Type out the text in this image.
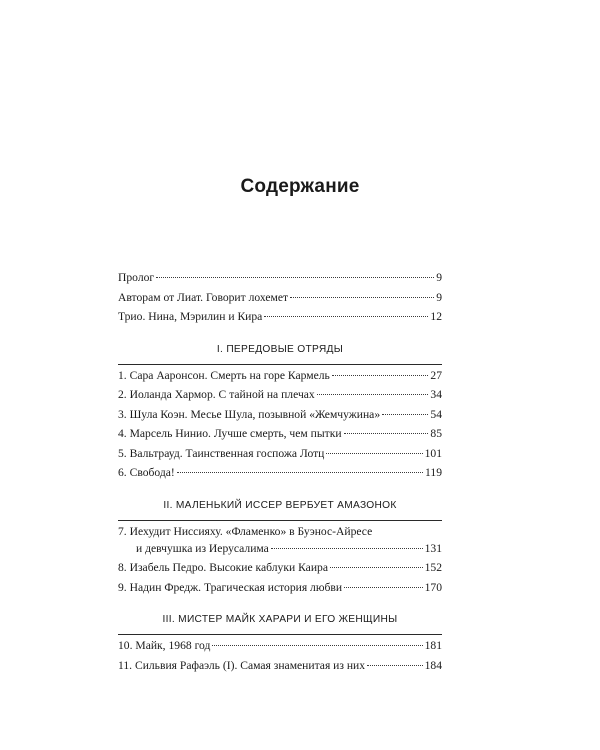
Содержание
Пролог	9
Авторам от Лиат. Говорит лохемет	9
Трио. Нина, Мэрилин и Кира	12
I. ПЕРЕДОВЫЕ ОТРЯДЫ
1. Сара Ааронсон. Смерть на горе Кармель	27
2. Иоланда Хармор. С тайной на плечах	34
3. Шула Коэн. Месье Шула, позывной «Жемчужина»	54
4. Марсель Нинио. Лучше смерть, чем пытки	85
5. Вальтрауд. Таинственная госпожа Лотц	101
6. Свобода!	119
II. МАЛЕНЬКИЙ ИССЕР ВЕРБУЕТ АМАЗОНОК
7. Иехудит Ниссияху. «Фламенко» в Буэнос-Айресе
и девчушка из Иерусалима	131
8. Изабель Педро. Высокие каблуки Каира	152
9. Надин Фредж. Трагическая история любви	170
III. МИСТЕР МАЙК ХАРАРИ И ЕГО ЖЕНЩИНЫ
10. Майк, 1968 год	181
11. Сильвия Рафаэль (I). Самая знаменитая из них	184
